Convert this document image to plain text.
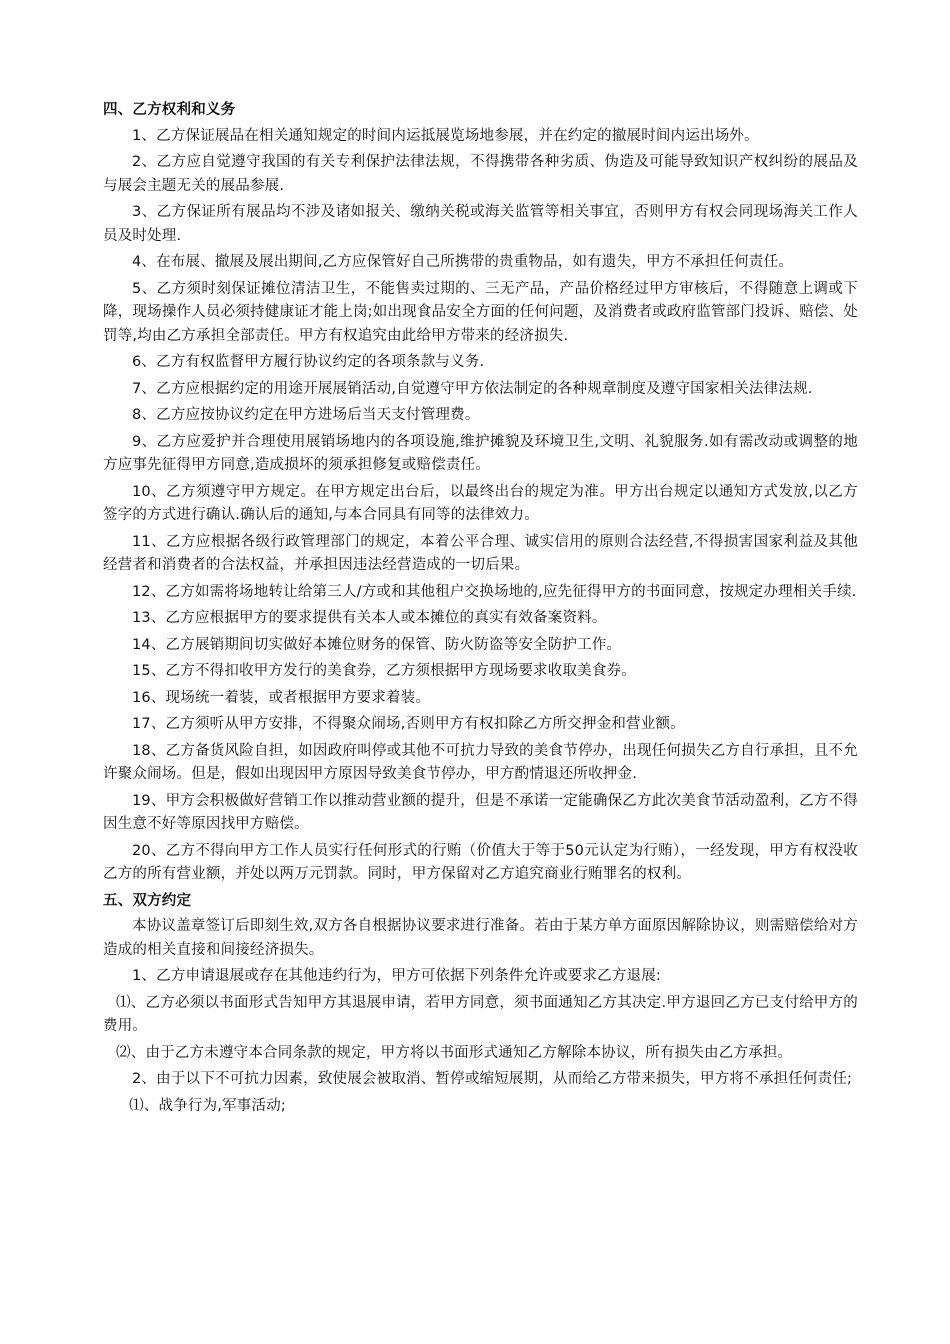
四、乙方权利和义务

1、乙方保证展品在相关通知规定的时间内运抵展览场地参展，并在约定的撤展时间内运出场外。

2、乙方应自觉遵守我国的有关专利保护法律法规，不得携带各种劣质、伪造及可能导致知识产权纠纷的展品及与展会主题无关的展品参展.

3、乙方保证所有展品均不涉及诸如报关、缴纳关税或海关监管等相关事宜，否则甲方有权会同现场海关工作人员及时处理.

4、在布展、撤展及展出期间,乙方应保管好自己所携带的贵重物品，如有遗失，甲方不承担任何责任。

5、乙方须时刻保证摊位清洁卫生，不能售卖过期的、三无产品，产品价格经过甲方审核后，不得随意上调或下降，现场操作人员必须持健康证才能上岗;如出现食品安全方面的任何问题，及消费者或政府监管部门投诉、赔偿、处罚等,均由乙方承担全部责任。甲方有权追究由此给甲方带来的经济损失.

6、乙方有权监督甲方履行协议约定的各项条款与义务.

7、乙方应根据约定的用途开展展销活动,自觉遵守甲方依法制定的各种规章制度及遵守国家相关法律法规.

8、乙方应按协议约定在甲方进场后当天支付管理费。

9、乙方应爱护并合理使用展销场地内的各项设施,维护摊貌及环境卫生,文明、礼貌服务.如有需改动或调整的地方应事先征得甲方同意,造成损坏的须承担修复或赔偿责任。

10、乙方须遵守甲方规定。在甲方规定出台后，以最终出台的规定为准。甲方出台规定以通知方式发放,以乙方签字的方式进行确认.确认后的通知,与本合同具有同等的法律效力。

11、乙方应根据各级行政管理部门的规定，本着公平合理、诚实信用的原则合法经营,不得损害国家利益及其他经营者和消费者的合法权益，并承担因违法经营造成的一切后果。

12、乙方如需将场地转让给第三人/方或和其他租户交换场地的,应先征得甲方的书面同意，按规定办理相关手续.

13、乙方应根据甲方的要求提供有关本人或本摊位的真实有效备案资料。

14、乙方展销期间切实做好本摊位财务的保管、防火防盗等安全防护工作。

15、乙方不得扣收甲方发行的美食券，乙方须根据甲方现场要求收取美食券。

16、现场统一着装，或者根据甲方要求着装。

17、乙方须听从甲方安排，不得聚众闹场,否则甲方有权扣除乙方所交押金和营业额。

18、乙方备货风险自担，如因政府叫停或其他不可抗力导致的美食节停办，出现任何损失乙方自行承担，且不允许聚众闹场。但是，假如出现因甲方原因导致美食节停办，甲方酌情退还所收押金.

19、甲方会积极做好营销工作以推动营业额的提升，但是不承诺一定能确保乙方此次美食节活动盈利，乙方不得因生意不好等原因找甲方赔偿。

20、乙方不得向甲方工作人员实行任何形式的行贿（价值大于等于50元认定为行贿），一经发现，甲方有权没收乙方的所有营业额，并处以两万元罚款。同时，甲方保留对乙方追究商业行贿罪名的权利。

五、双方约定

本协议盖章签订后即刻生效,双方各自根据协议要求进行准备。若由于某方单方面原因解除协议，则需赔偿给对方造成的相关直接和间接经济损失。

1、乙方申请退展或存在其他违约行为，甲方可依据下列条件允许或要求乙方退展:

⑴、乙方必须以书面形式告知甲方其退展申请，若甲方同意，须书面通知乙方其决定.甲方退回乙方已支付给甲方的费用。

⑵、由于乙方未遵守本合同条款的规定，甲方将以书面形式通知乙方解除本协议，所有损失由乙方承担。

2、由于以下不可抗力因素，致使展会被取消、暂停或缩短展期，从而给乙方带来损失，甲方将不承担任何责任;

⑴、战争行为,军事活动;
